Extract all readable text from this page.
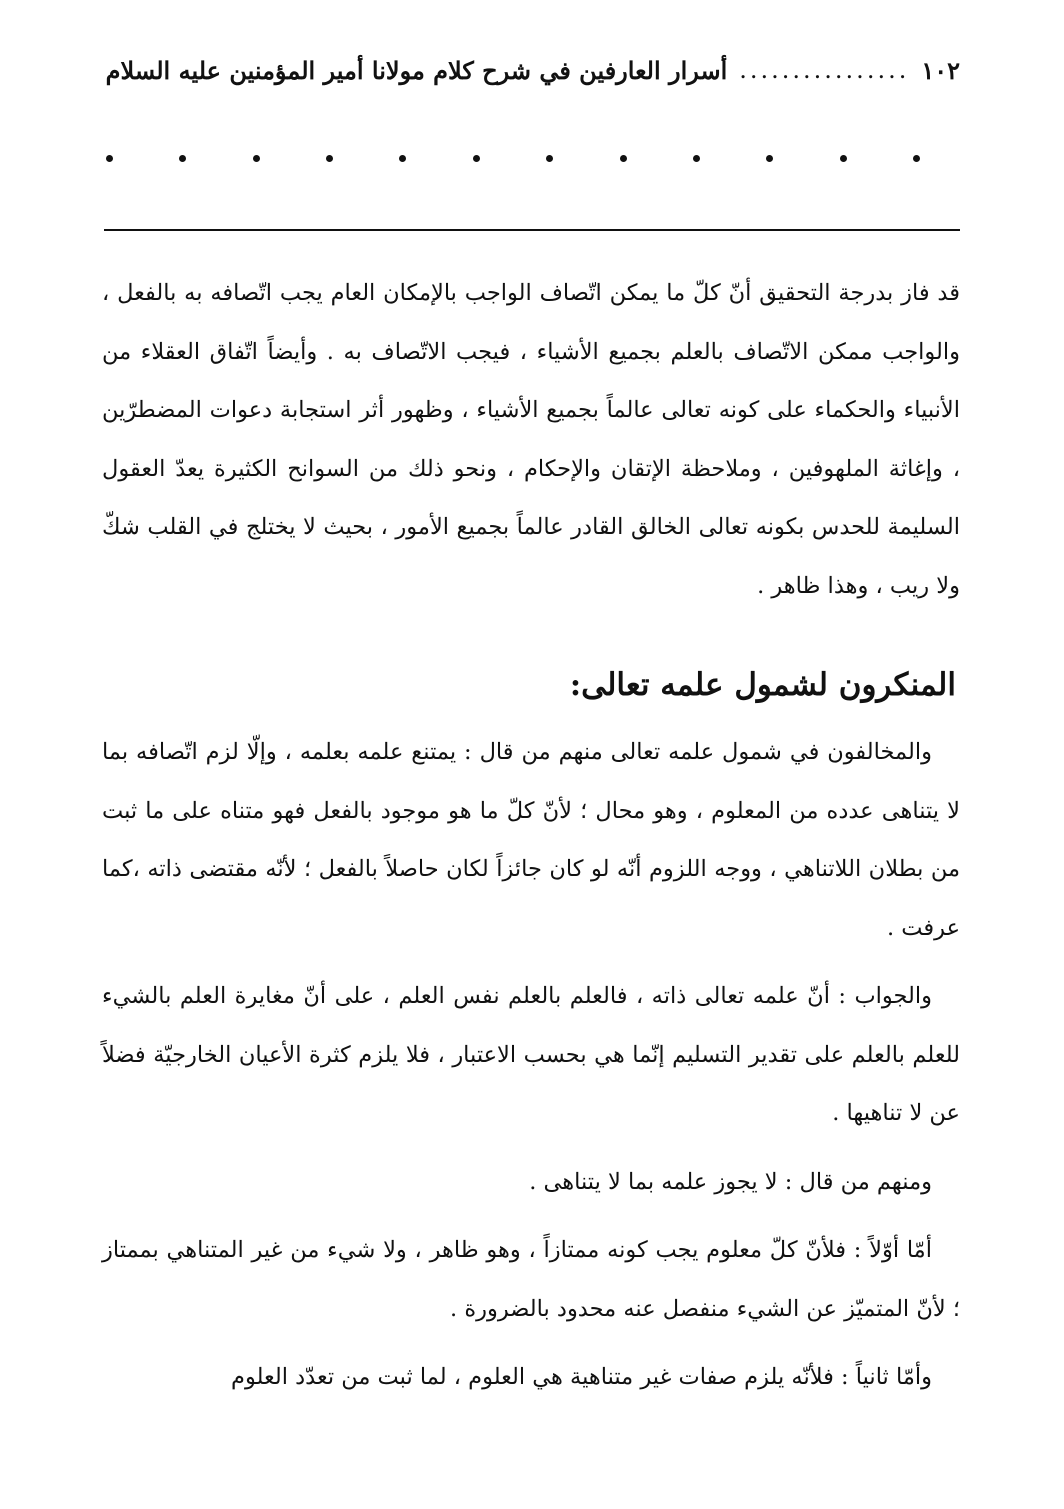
١٠٢
................
أسرار العارفين في شرح كلام مولانا أمير المؤمنين عليه السلام

قد فاز بدرجة التحقيق أنّ كلّ ما يمكن اتّصاف الواجب بالإمكان العام يجب اتّصافه به بالفعل ، والواجب ممكن الاتّصاف بالعلم بجميع الأشياء ، فيجب الاتّصاف به . وأيضاً اتّفاق العقلاء من الأنبياء والحكماء على كونه تعالى عالماً بجميع الأشياء ، وظهور أثر استجابة دعوات المضطرّين ، وإغاثة الملهوفين ، وملاحظة الإتقان والإحكام ، ونحو ذلك من السوانح الكثيرة يعدّ العقول السليمة للحدس بكونه تعالى الخالق القادر عالماً بجميع الأمور ، بحيث لا يختلج في القلب شكّ ولا ريب ، وهذا ظاهر .

المنكرون لشمول علمه تعالى:

والمخالفون في شمول علمه تعالى منهم من قال : يمتنع علمه بعلمه ، وإلّا لزم اتّصافه بما لا يتناهى عدده من المعلوم ، وهو محال ؛ لأنّ كلّ ما هو موجود بالفعل فهو متناه على ما ثبت من بطلان اللاتناهي ، ووجه اللزوم أنّه لو كان جائزاً لكان حاصلاً بالفعل ؛ لأنّه مقتضى ذاته ،كما عرفت .

والجواب : أنّ علمه تعالى ذاته ، فالعلم بالعلم نفس العلم ، على أنّ مغايرة العلم بالشيء للعلم بالعلم على تقدير التسليم إنّما هي بحسب الاعتبار ، فلا يلزم كثرة الأعيان الخارجيّة فضلاً عن لا تناهيها .

ومنهم من قال : لا يجوز علمه بما لا يتناهى .

أمّا أوّلاً : فلأنّ كلّ معلوم يجب كونه ممتازاً ، وهو ظاهر ، ولا شيء من غير المتناهي بممتاز ؛ لأنّ المتميّز عن الشيء منفصل عنه محدود بالضرورة .

وأمّا ثانياً : فلأنّه يلزم صفات غير متناهية هي العلوم ، لما ثبت من تعدّد العلوم
